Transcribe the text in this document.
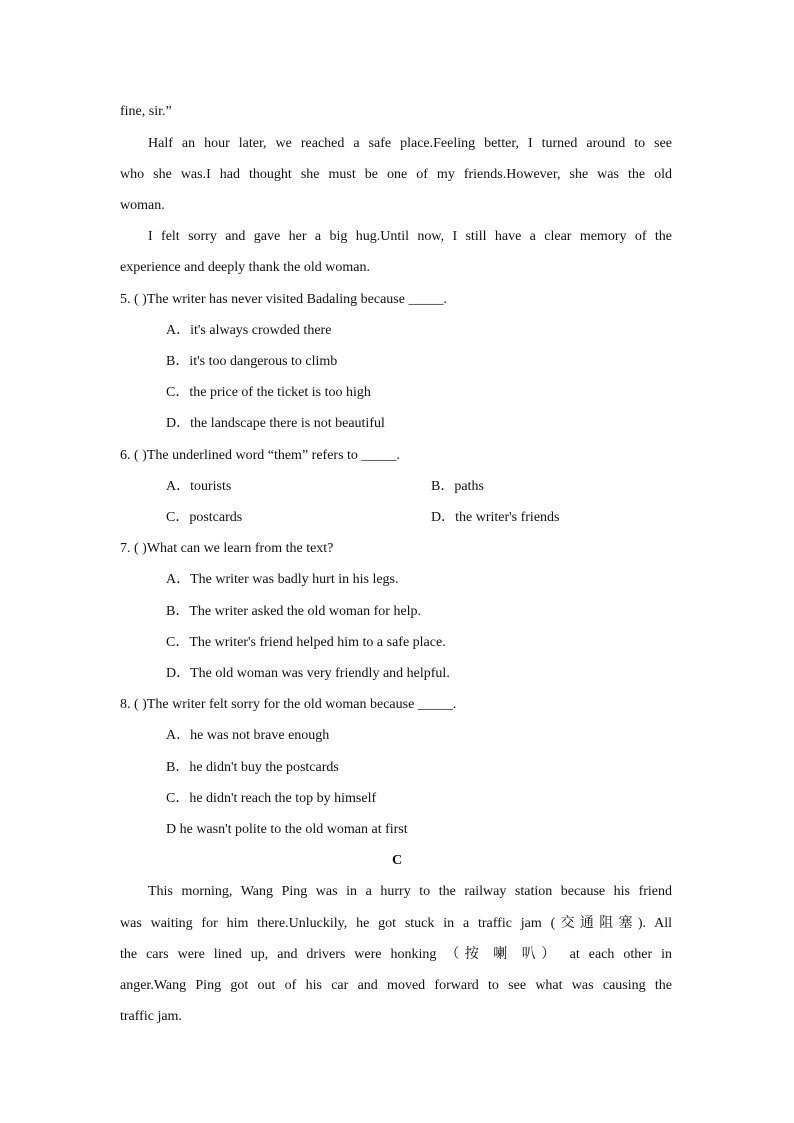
fine, sir.”
Half an hour later, we reached a safe place.Feeling better, I turned around to see
who she was.I had thought she must be one of my friends.However, she was the old
woman.
I felt sorry and gave her a big hug.Until now, I still have a clear memory of the
experience and deeply thank the old woman.
5. ( )The writer has never visited Badaling because _____.
A．it's always crowded there
B．it's too dangerous to climb
C．the price of the ticket is too high
D．the landscape there is not beautiful
6. ( )The underlined word “them” refers to _____.
A．tourists	B．paths
C．postcards	D．the writer's friends
7. ( )What can we learn from the text?
A．The writer was badly hurt in his legs.
B．The writer asked the old woman for help.
C．The writer's friend helped him to a safe place.
D．The old woman was very friendly and helpful.
8. ( )The writer felt sorry for the old woman because _____.
A．he was not brave enough
B．he didn't buy the postcards
C．he didn't reach the top by himself
D he wasn't polite to the old woman at first
C
This morning, Wang Ping was in a hurry to the railway station because his friend
was waiting for him there.Unluckily, he got stuck in a traffic jam (交通阻塞). All
the cars were lined up, and drivers were honking （按 喇 叭） at each other in
anger.Wang Ping got out of his car and moved forward to see what was causing the
traffic jam.
